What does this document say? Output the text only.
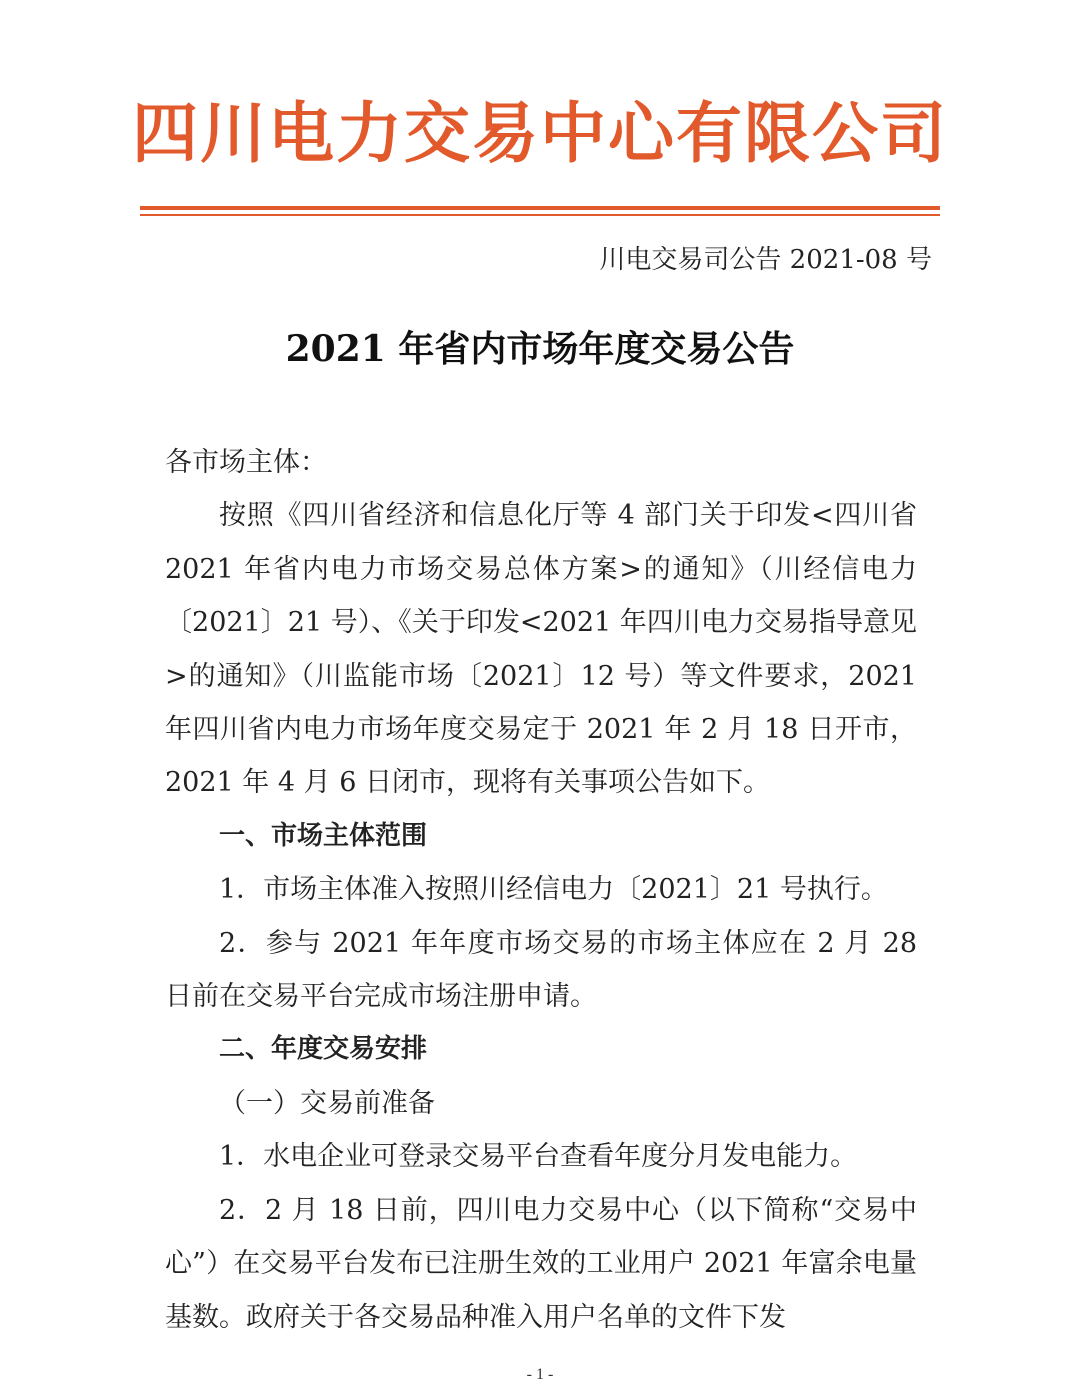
四川电力交易中心有限公司
川电交易司公告 2021-08 号
2021 年省内市场年度交易公告

各市场主体：

按照《四川省经济和信息化厅等 4 部门关于印发<四川省 2021 年省内电力市场交易总体方案>的通知》（川经信电力〔2021〕21 号）、《关于印发<2021 年四川电力交易指导意见>的通知》（川监能市场〔2021〕12 号）等文件要求，2021 年四川省内电力市场年度交易定于 2021 年 2 月 18 日开市，2021 年 4 月 6 日闭市，现将有关事项公告如下。

一、市场主体范围

1．市场主体准入按照川经信电力〔2021〕21 号执行。

2．参与 2021 年年度市场交易的市场主体应在 2 月 28 日前在交易平台完成市场注册申请。

二、年度交易安排

（一）交易前准备

1．水电企业可登录交易平台查看年度分月发电能力。

2．2 月 18 日前，四川电力交易中心（以下简称“交易中心”）在交易平台发布已注册生效的工业用户 2021 年富余电量基数。政府关于各交易品种准入用户名单的文件下发

- 1 -
